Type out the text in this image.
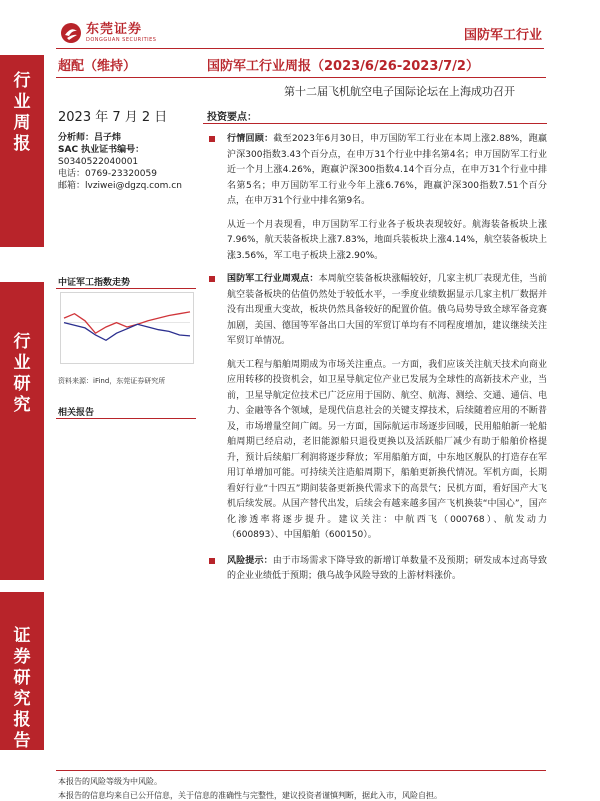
东莞证券
DONGGUAN SECURITIES	国防军工行业
行
业
周
报
行
业
研
究
证
券
研
究
报
告
超配（维持）	国防军工行业周报（2023/6/26-2023/7/2）
第十二届飞机航空电子国际论坛在上海成功召开
2023 年 7 月 2 日
分析师：吕子炜
SAC 执业证书编号：
S0340522040001
电话：0769-23320059
邮箱：lvziwei@dgzq.com.cn
中证军工指数走势
资料来源：iFind，东莞证券研究所
相关报告
投资要点：
行情回顾：截至2023年6月30日，申万国防军工行业在本周上涨2.88%，跑赢沪深300指数3.43个百分点，在申万31个行业中排名第4名；申万国防军工行业近一个月上涨4.26%，跑赢沪深300指数4.14个百分点，在申万31个行业中排名第5名；申万国防军工行业今年上涨6.76%，跑赢沪深300指数7.51个百分点，在申万31个行业中排名第9名。
从近一个月表现看，申万国防军工行业各子板块表现较好。航海装备板块上涨7.96%，航天装备板块上涨7.83%，地面兵装板块上涨4.14%，航空装备板块上涨3.56%，军工电子板块上涨2.90%。
国防军工行业周观点：本周航空装备板块涨幅较好，几家主机厂表现尤佳，当前航空装备板块的估值仍然处于较低水平，一季度业绩数据显示几家主机厂数据并没有出现重大变故，板块仍然具备较好的配置价值。俄乌局势导致全球军备竞赛加剧，美国、德国等军备出口大国的军贸订单均有不同程度增加，建议继续关注军贸订单情况。
航天工程与船舶周期成为市场关注重点。一方面，我们应该关注航天技术向商业应用转移的投资机会，如卫星导航定位产业已发展为全球性的高新技术产业，当前，卫星导航定位技术已广泛应用于国防、航空、航海、测绘、交通、通信、电力、金融等各个领域，是现代信息社会的关键支撑技术，后续随着应用的不断普及，市场增量空间广阔。另一方面，国际航运市场逐步回暖，民用船舶新一轮船舶周期已经启动，老旧能源船只退役更换以及活跃船厂减少有助于船舶价格提升，预计后续船厂利润将逐步释放；军用船舶方面，中东地区舰队的打造存在军用订单增加可能。可持续关注造船周期下，船舶更新换代情况。军机方面，长期看好行业“十四五”期间装备更新换代需求下的高景气；民机方面，看好国产大飞机后续发展。从国产替代出发，后续会有越来越多国产飞机换装“中国心”，国产化渗透率将逐步提升。建议关注：中航西飞（000768）、航发动力（600893）、中国船舶（600150）。
风险提示：由于市场需求下降导致的新增订单数量不及预期；研发成本过高导致的企业业绩低于预期；俄乌战争风险导致的上游材料涨价。
本报告的风险等级为中风险。
本报告的信息均来自已公开信息，关于信息的准确性与完整性，建议投资者谨慎判断，据此入市，风险自担。
